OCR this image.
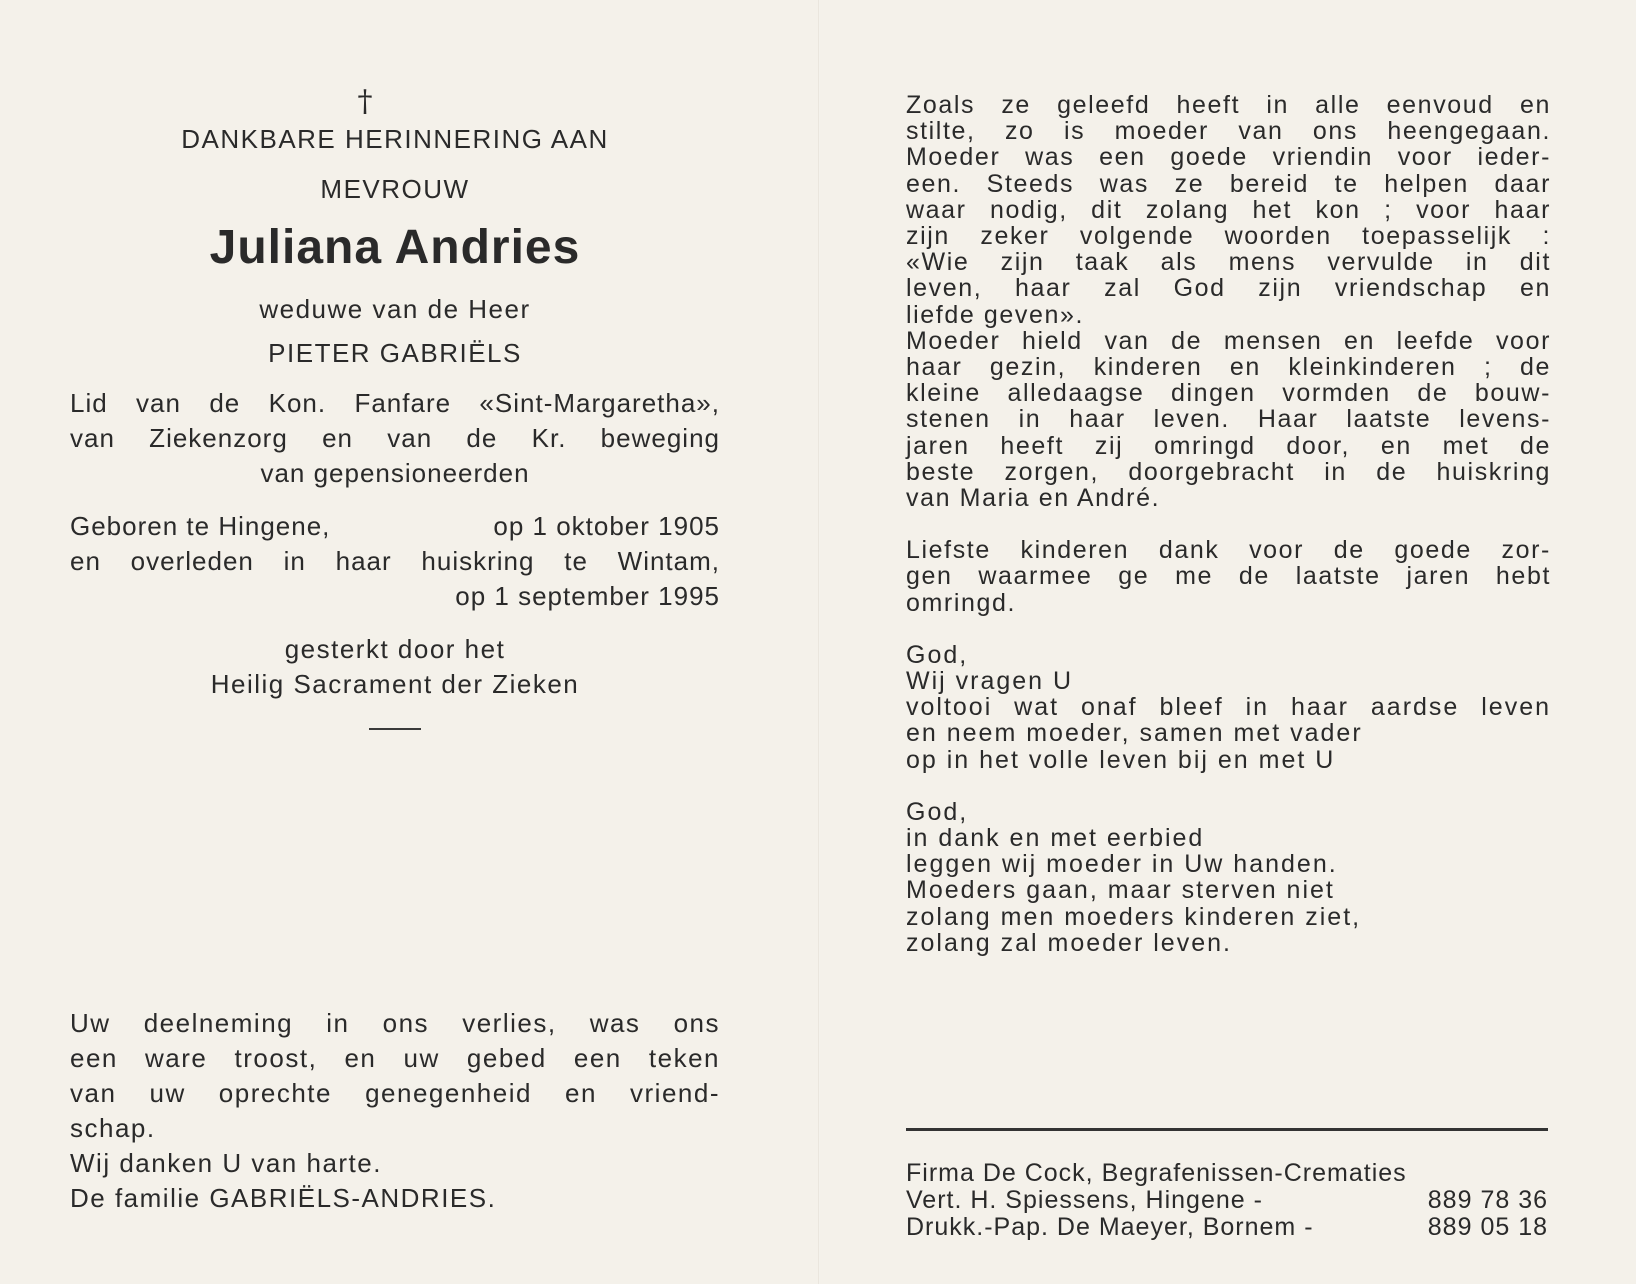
†
DANKBARE HERINNERING AAN
MEVROUW
Juliana Andries
weduwe van de Heer
PIETER GABRIËLS
Lid van de Kon. Fanfare «Sint-Margaretha»,
van Ziekenzorg en van de Kr. beweging
van gepensioneerden
Geboren te Hingene,	op 1 oktober 1905
en overleden in haar huiskring te Wintam,
op 1 september 1995
gesterkt door het
Heilig Sacrament der Zieken
Uw deelneming in ons verlies, was ons
een ware troost, en uw gebed een teken
van uw oprechte genegenheid en vriend-
schap.
Wij danken U van harte.
De familie GABRIËLS-ANDRIES.
Zoals ze geleefd heeft in alle eenvoud en
stilte, zo is moeder van ons heengegaan.
Moeder was een goede vriendin voor ieder-
een. Steeds was ze bereid te helpen daar
waar nodig, dit zolang het kon ; voor haar
zijn zeker volgende woorden toepasselijk :
«Wie zijn taak als mens vervulde in dit
leven, haar zal God zijn vriendschap en
liefde geven».
Moeder hield van de mensen en leefde voor
haar gezin, kinderen en kleinkinderen ; de
kleine alledaagse dingen vormden de bouw-
stenen in haar leven. Haar laatste levens-
jaren heeft zij omringd door, en met de
beste zorgen, doorgebracht in de huiskring
van Maria en André.
Liefste kinderen dank voor de goede zor-
gen waarmee ge me de laatste jaren hebt
omringd.
God,
Wij vragen U
voltooi wat onaf bleef in haar aardse leven
en neem moeder, samen met vader
op in het volle leven bij en met U
God,
in dank en met eerbied
leggen wij moeder in Uw handen.
Moeders gaan, maar sterven niet
zolang men moeders kinderen ziet,
zolang zal moeder leven.
Firma De Cock, Begrafenissen-Crematies
Vert. H. Spiessens, Hingene -	889 78 36
Drukk.-Pap. De Maeyer, Bornem -	889 05 18
